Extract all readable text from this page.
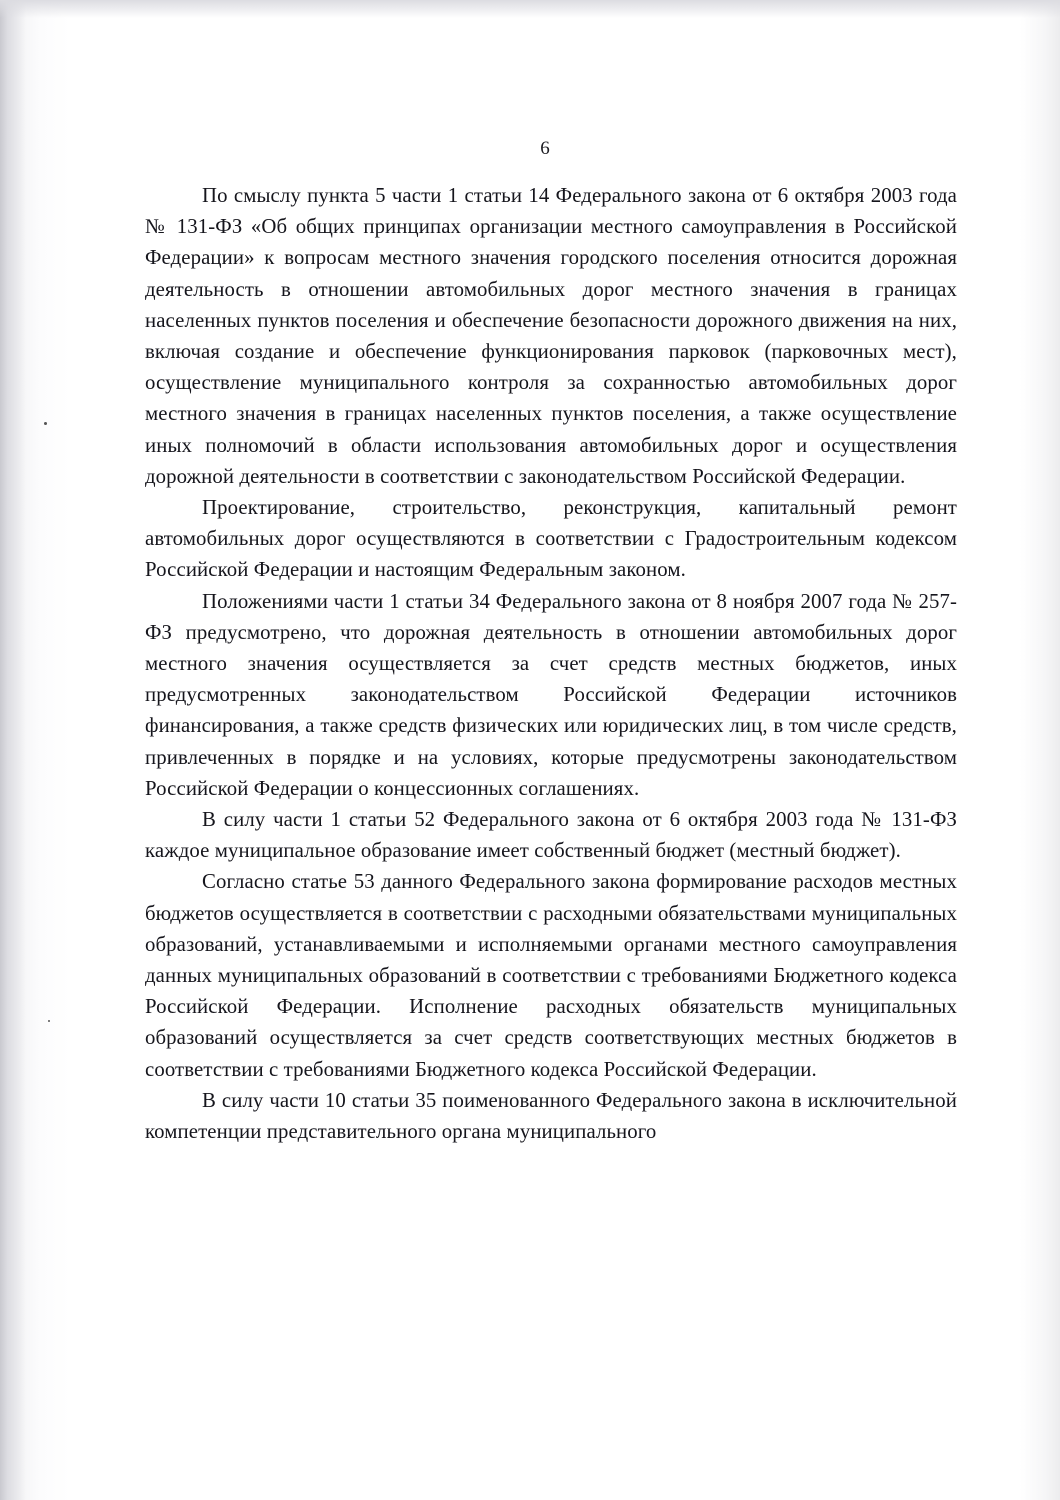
6

По смыслу пункта 5 части 1 статьи 14 Федерального закона от 6 октября 2003 года № 131-ФЗ «Об общих принципах организации местного самоуправления в Российской Федерации» к вопросам местного значения городского поселения относится дорожная деятельность в отношении автомобильных дорог местного значения в границах населенных пунктов поселения и обеспечение безопасности дорожного движения на них, включая создание и обеспечение функционирования парковок (парковочных мест), осуществление муниципального контроля за сохранностью автомобильных дорог местного значения в границах населенных пунктов поселения, а также осуществление иных полномочий в области использования автомобильных дорог и осуществления дорожной деятельности в соответствии с законодательством Российской Федерации.

Проектирование, строительство, реконструкция, капитальный ремонт автомобильных дорог осуществляются в соответствии с Градостроительным кодексом Российской Федерации и настоящим Федеральным законом.

Положениями части 1 статьи 34 Федерального закона от 8 ноября 2007 года № 257-ФЗ предусмотрено, что дорожная деятельность в отношении автомобильных дорог местного значения осуществляется за счет средств местных бюджетов, иных предусмотренных законодательством Российской Федерации источников финансирования, а также средств физических или юридических лиц, в том числе средств, привлеченных в порядке и на условиях, которые предусмотрены законодательством Российской Федерации о концессионных соглашениях.

В силу части 1 статьи 52 Федерального закона от 6 октября 2003 года № 131-ФЗ каждое муниципальное образование имеет собственный бюджет (местный бюджет).

Согласно статье 53 данного Федерального закона формирование расходов местных бюджетов осуществляется в соответствии с расходными обязательствами муниципальных образований, устанавливаемыми и исполняемыми органами местного самоуправления данных муниципальных образований в соответствии с требованиями Бюджетного кодекса Российской Федерации. Исполнение расходных обязательств муниципальных образований осуществляется за счет средств соответствующих местных бюджетов в соответствии с требованиями Бюджетного кодекса Российской Федерации.

В силу части 10 статьи 35 поименованного Федерального закона в исключительной компетенции представительного органа муниципального
